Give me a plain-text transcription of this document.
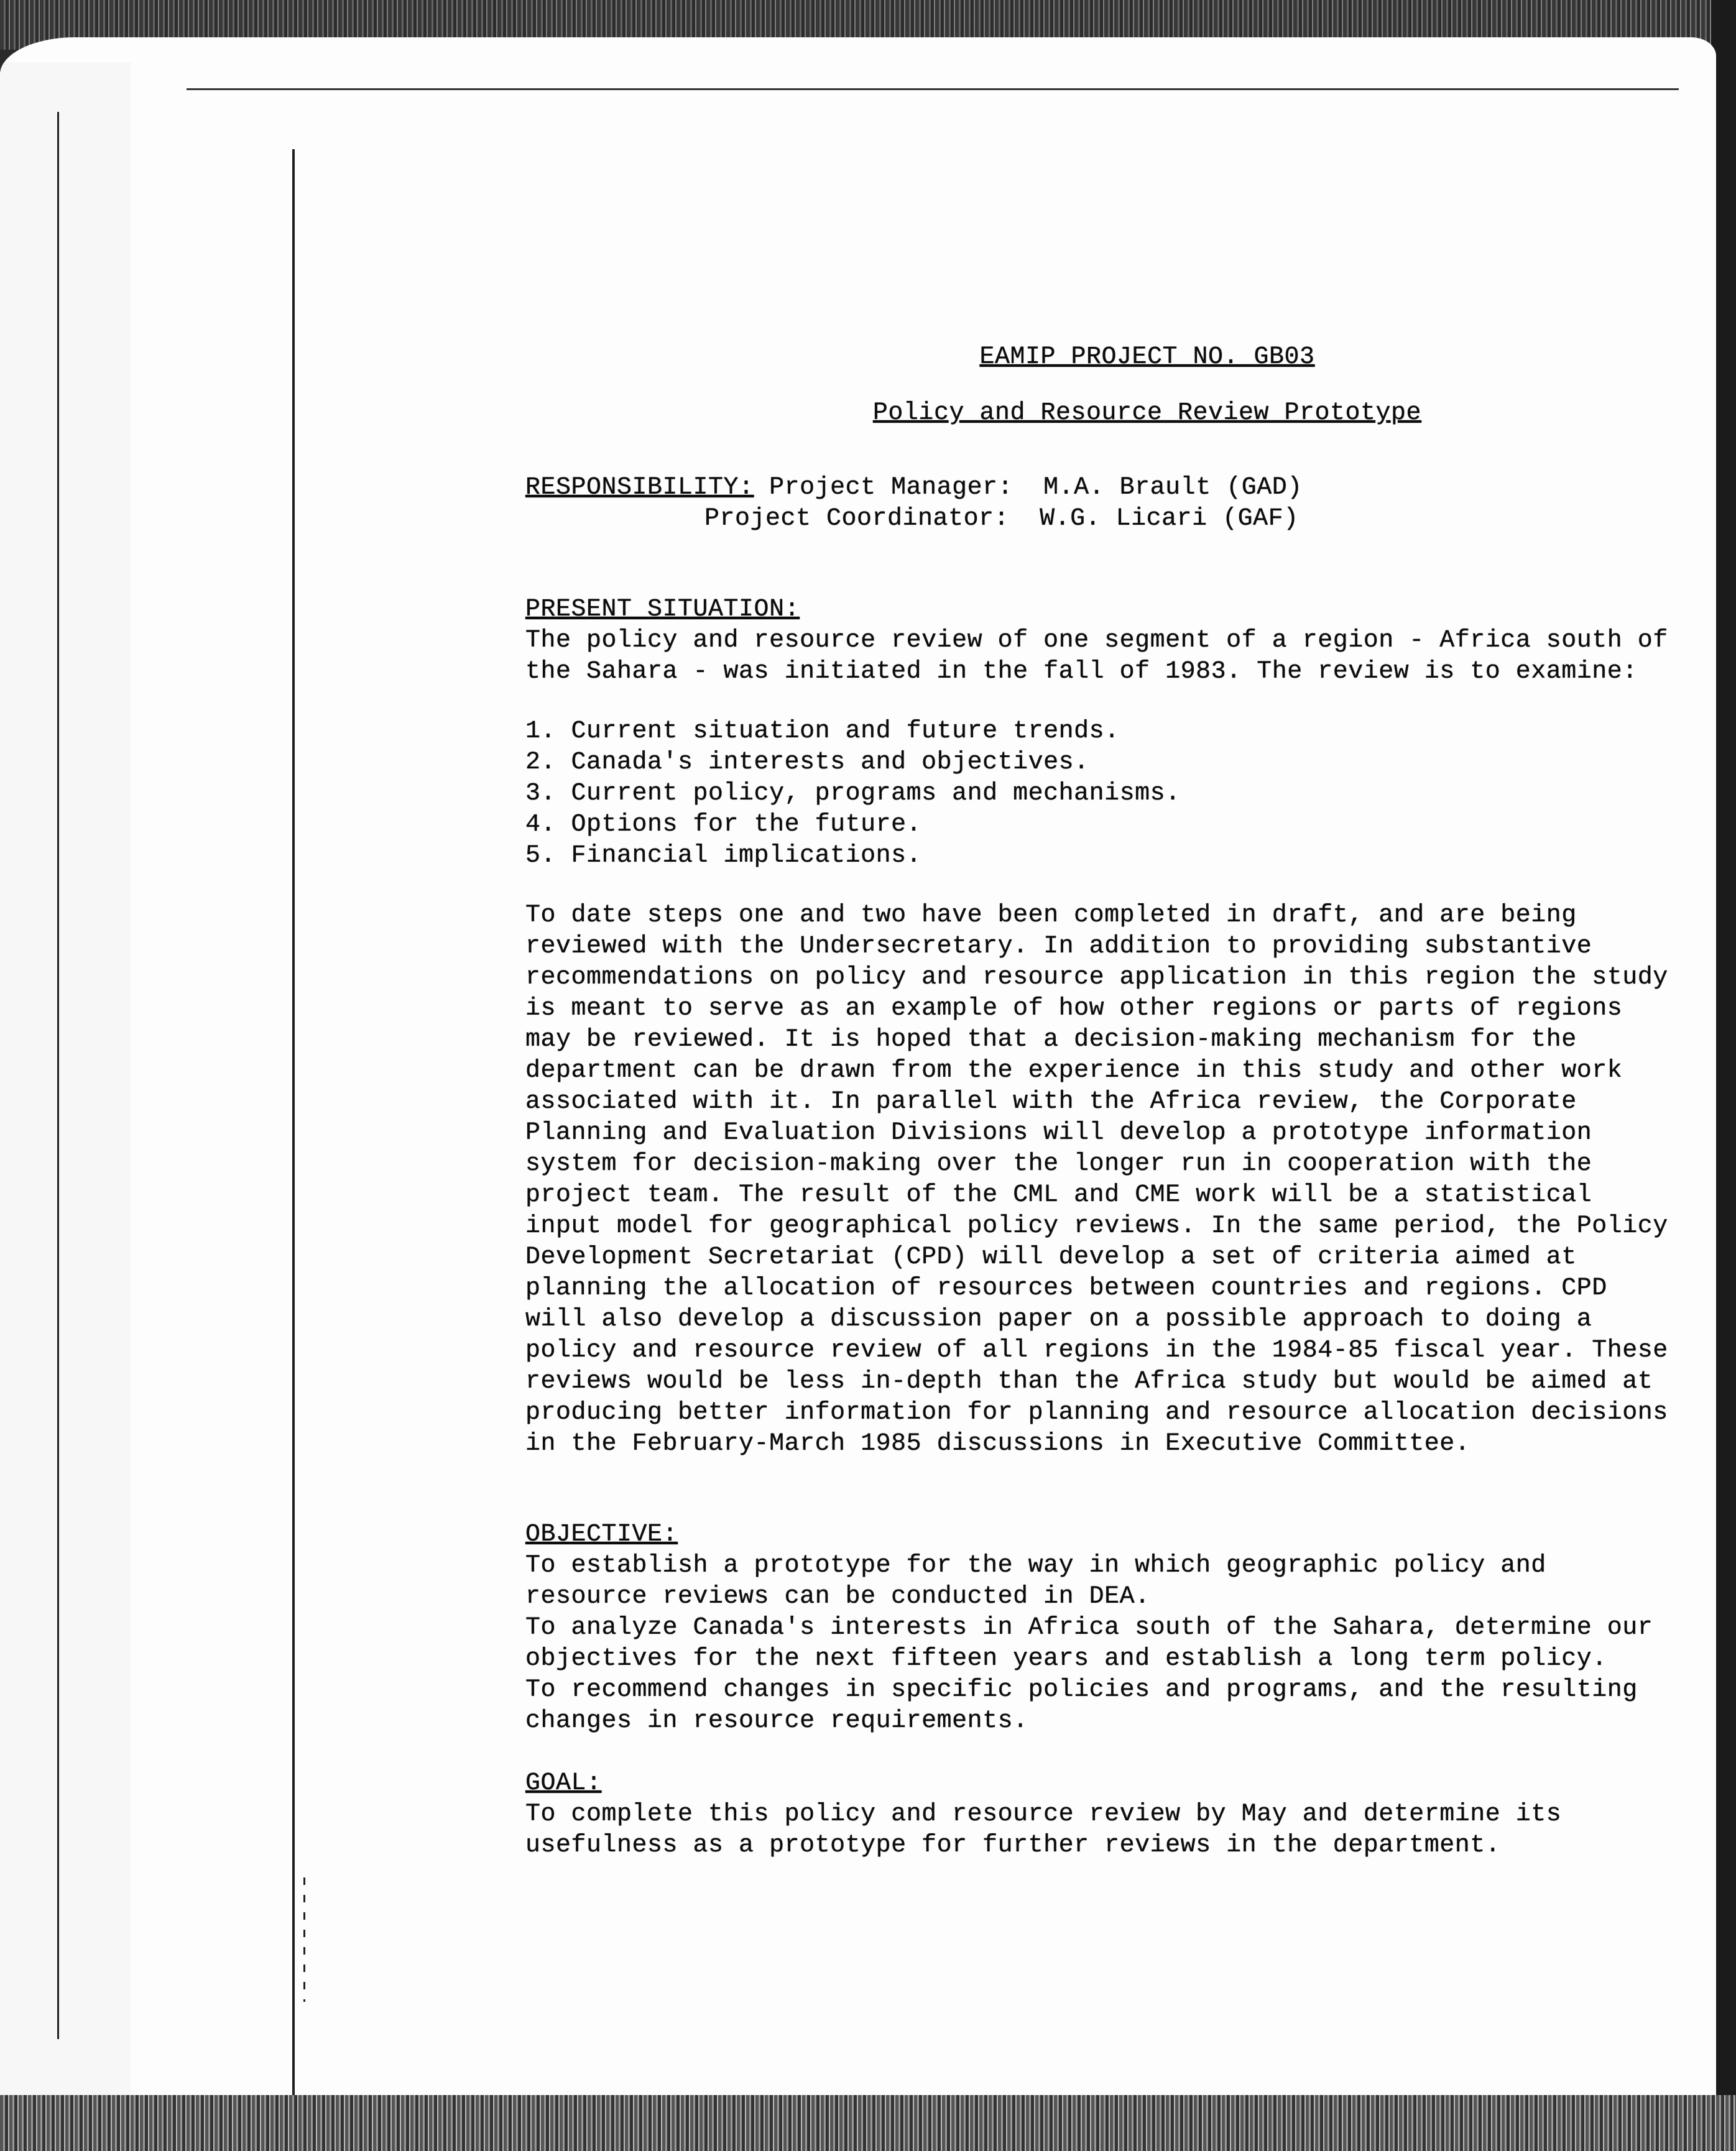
EAMIP PROJECT NO. GB03
Policy and Resource Review Prototype
RESPONSIBILITY: Project Manager:  M.A. Brault (GAD)
Project Coordinator:  W.G. Licari (GAF)
PRESENT SITUATION:

The policy and resource review of one segment of a region - Africa south of the Sahara - was initiated in the fall of 1983. The review is to examine:

1. Current situation and future trends.
2. Canada's interests and objectives.
3. Current policy, programs and mechanisms.
4. Options for the future.
5. Financial implications.

To date steps one and two have been completed in draft, and are being reviewed with the Undersecretary. In addition to providing substantive recommendations on policy and resource application in this region the study is meant to serve as an example of how other regions or parts of regions may be reviewed. It is hoped that a decision-making mechanism for the department can be drawn from the experience in this study and other work associated with it. In parallel with the Africa review, the Corporate Planning and Evaluation Divisions will develop a prototype information system for decision-making over the longer run in cooperation with the project team. The result of the CML and CME work will be a statistical input model for geographical policy reviews. In the same period, the Policy Development Secretariat (CPD) will develop a set of criteria aimed at planning the allocation of resources between countries and regions. CPD will also develop a discussion paper on a possible approach to doing a policy and resource review of all regions in the 1984-85 fiscal year. These reviews would be less in-depth than the Africa study but would be aimed at producing better information for planning and resource allocation decisions in the February-March 1985 discussions in Executive Committee.

OBJECTIVE:

To establish a prototype for the way in which geographic policy and resource reviews can be conducted in DEA.

To analyze Canada's interests in Africa south of the Sahara, determine our objectives for the next fifteen years and establish a long term policy.

To recommend changes in specific policies and programs, and the resulting changes in resource requirements.

GOAL:

To complete this policy and resource review by May and determine its usefulness as a prototype for further reviews in the department.
